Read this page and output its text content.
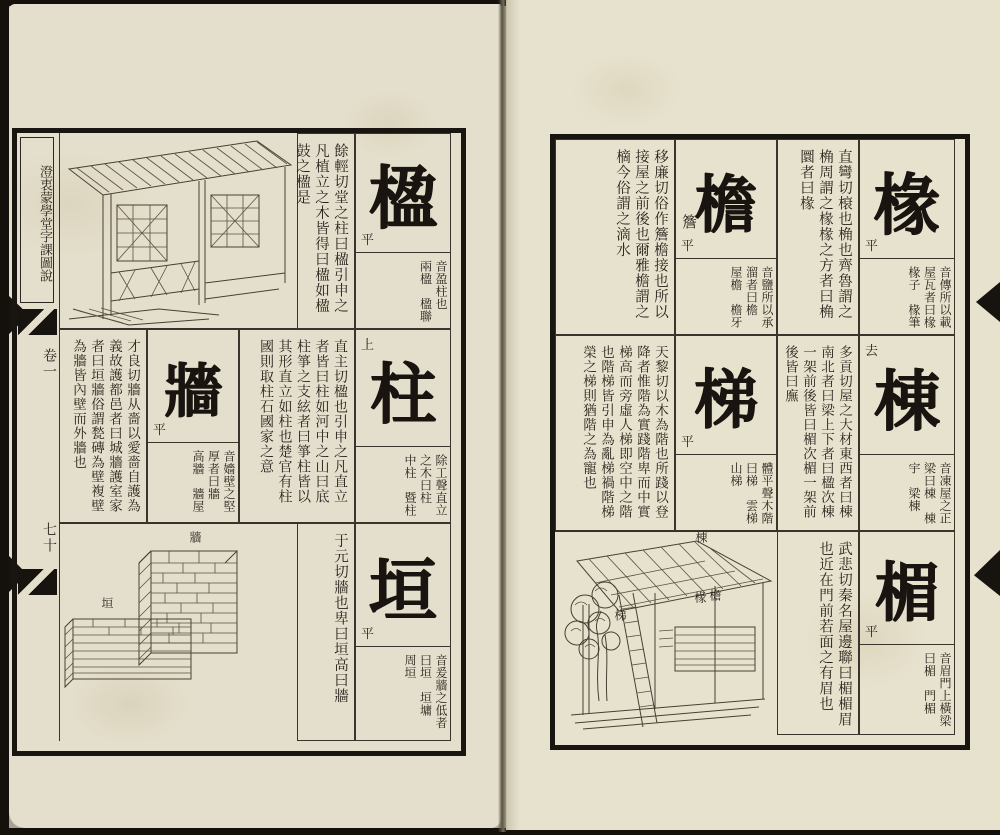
澄衷蒙學堂字課圖說
卷一
七十
楹
平
音盈柱也　兩楹　楹聯
餘輕切堂之柱曰楹引申之凡植立之木皆得曰楹如楹鼓之楹是
柱
上
除工聲直立之木曰柱　中柱　暨柱
直主切楹也引申之凡直立者皆曰柱如河中之山曰底柱箏之支絃者曰箏柱皆以其形直立如柱也楚官有柱國則取柱石國家之意
牆
平
音嬙壁之堅厚者曰牆　高牆　牆屋
才良切牆从嗇以愛嗇自護為義故護都邑者曰城牆護室家者曰垣牆俗謂甃磚為壁複壁為牆皆內壁而外牆也
垣
平
音爰牆之低者曰垣　垣墉　周垣
于元切牆也卑曰垣高曰牆
牆
垣
椽
平
音傳所以載屋瓦者曰椽　椽子　椽筆
直彎切榱也桷也齊魯謂之桷周謂之椽椽之方者曰桷圜者曰椽
檐
簷
平
音鹽所以承溜者曰檐　屋檐　檐牙
移廉切俗作簷檐接也所以接屋之前後也爾雅檐謂之樀今俗謂之滴水
棟
去
音凍屋之正梁曰棟　棟宇　梁棟
多貢切屋之大材東西者曰棟南北者曰梁上下者曰楹次棟一架前後皆曰楣次楣一架前後皆曰廡
梯
平
體平聲木階曰梯　雲梯　山梯
天黎切以木為階也所踐以登降者惟階為實踐階卑而中實梯高而旁虛人梯即空中之階也階梯皆引申為亂梯禍階梯榮之梯則猶階之為寵也
楣
平
音眉門上橫梁曰楣　門楣
武悲切秦名屋邊聯曰楣楣眉也近在門前若面之有眉也
棟
檐
椽
梯
